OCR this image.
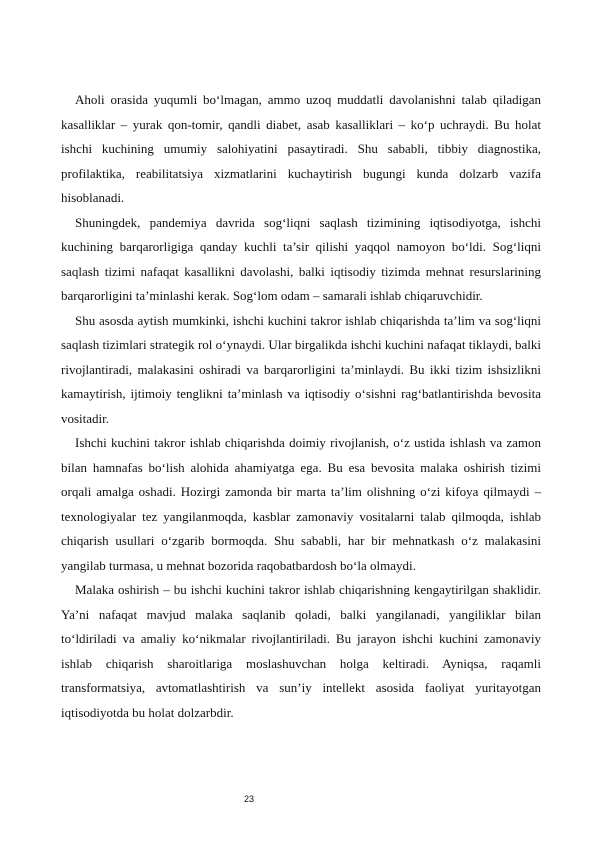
Aholi orasida yuqumli bo‘lmagan, ammo uzoq muddatli davolanishni talab qiladigan kasalliklar – yurak qon-tomir, qandli diabet, asab kasalliklari – ko‘p uchraydi. Bu holat ishchi kuchining umumiy salohiyatini pasaytiradi. Shu sababli, tibbiy diagnostika, profilaktika, reabilitatsiya xizmatlarini kuchaytirish bugungi kunda dolzarb vazifa hisoblanadi.

Shuningdek, pandemiya davrida sog‘liqni saqlash tizimining iqtisodiyotga, ishchi kuchining barqarorligiga qanday kuchli ta’sir qilishi yaqqol namoyon bo‘ldi. Sog‘liqni saqlash tizimi nafaqat kasallikni davolashi, balki iqtisodiy tizimda mehnat resurslarining barqarorligini ta’minlashi kerak. Sog‘lom odam – samarali ishlab chiqaruvchidir.

Shu asosda aytish mumkinki, ishchi kuchini takror ishlab chiqarishda ta’lim va sog‘liqni saqlash tizimlari strategik rol o‘ynaydi. Ular birgalikda ishchi kuchini nafaqat tiklaydi, balki rivojlantiradi, malakasini oshiradi va barqarorligini ta’minlaydi. Bu ikki tizim ishsizlikni kamaytirish, ijtimoiy tenglikni ta’minlash va iqtisodiy o‘sishni rag‘batlantirishda bevosita vositadir.

Ishchi kuchini takror ishlab chiqarishda doimiy rivojlanish, o‘z ustida ishlash va zamon bilan hamnafas bo‘lish alohida ahamiyatga ega. Bu esa bevosita malaka oshirish tizimi orqali amalga oshadi. Hozirgi zamonda bir marta ta’lim olishning o‘zi kifoya qilmaydi – texnologiyalar tez yangilanmoqda, kasblar zamonaviy vositalarni talab qilmoqda, ishlab chiqarish usullari o‘zgarib bormoqda. Shu sababli, har bir mehnatkash o‘z malakasini yangilab turmasa, u mehnat bozorida raqobatbardosh bo‘la olmaydi.

Malaka oshirish – bu ishchi kuchini takror ishlab chiqarishning kengaytirilgan shaklidir. Ya’ni nafaqat mavjud malaka saqlanib qoladi, balki yangilanadi, yangiliklar bilan to‘ldiriladi va amaliy ko‘nikmalar rivojlantiriladi. Bu jarayon ishchi kuchini zamonaviy ishlab chiqarish sharoitlariga moslashuvchan holga keltiradi. Ayniqsa, raqamli transformatsiya, avtomatlashtirish va sun’iy intellekt asosida faoliyat yuritayotgan iqtisodiyotda bu holat dolzarbdir.

23
